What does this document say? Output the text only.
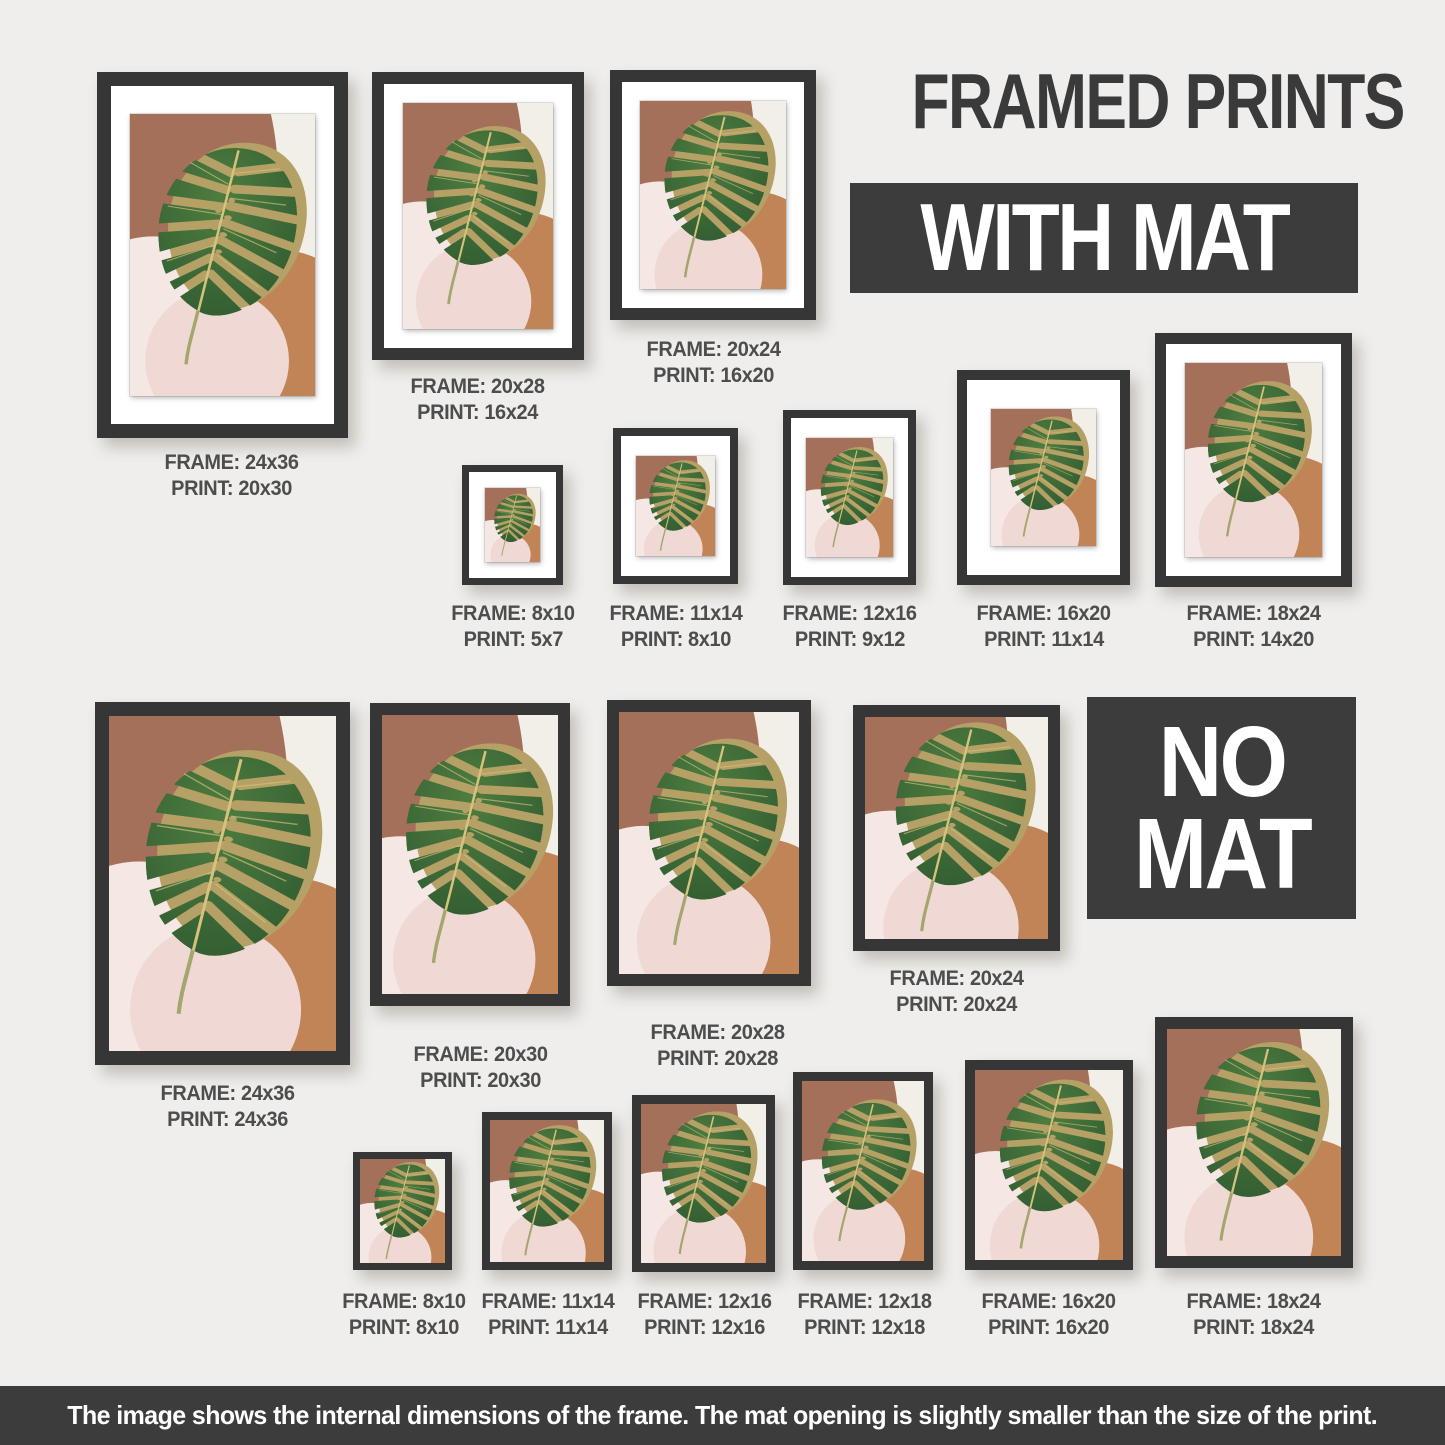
FRAMED PRINTS
WITH MAT
NO MAT
FRAME: 24x36
PRINT: 20x30
FRAME: 20x28
PRINT: 16x24
FRAME: 20x24
PRINT: 16x20
FRAME: 8x10
PRINT: 5x7
FRAME: 11x14
PRINT: 8x10
FRAME: 12x16
PRINT: 9x12
FRAME: 16x20
PRINT: 11x14
FRAME: 18x24
PRINT: 14x20
FRAME: 24x36
PRINT: 24x36
FRAME: 20x30
PRINT: 20x30
FRAME: 20x28
PRINT: 20x28
FRAME: 20x24
PRINT: 20x24
FRAME: 8x10
PRINT: 8x10
FRAME: 11x14
PRINT: 11x14
FRAME: 12x16
PRINT: 12x16
FRAME: 12x18
PRINT: 12x18
FRAME: 16x20
PRINT: 16x20
FRAME: 18x24
PRINT: 18x24
The image shows the internal dimensions of the frame. The mat opening is slightly smaller than the size of the print.
